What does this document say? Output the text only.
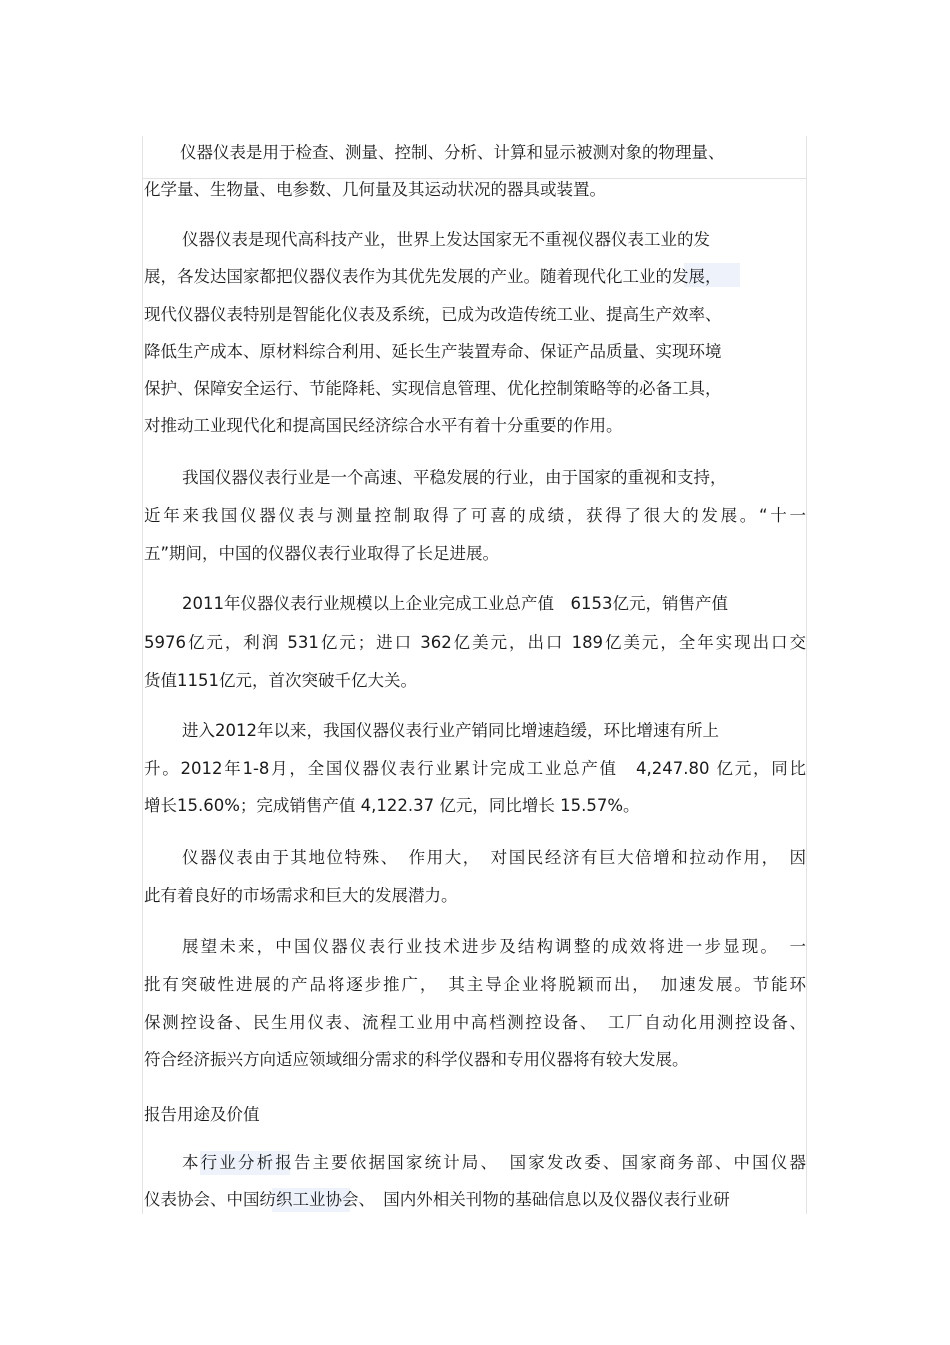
仪器仪表是用于检查、测量、控制、分析、计算和显示被测对象的物理量、
化学量、生物量、电参数、几何量及其运动状况的器具或装置。
仪器仪表是现代高科技产业，世界上发达国家无不重视仪器仪表工业的发
展，各发达国家都把仪器仪表作为其优先发展的产业。随着现代化工业的发展，
现代仪器仪表特别是智能化仪表及系统，已成为改造传统工业、提高生产效率、
降低生产成本、原材料综合利用、延长生产装置寿命、保证产品质量、实现环境
保护、保障安全运行、节能降耗、实现信息管理、优化控制策略等的必备工具，
对推动工业现代化和提高国民经济综合水平有着十分重要的作用。
我国仪器仪表行业是一个高速、平稳发展的行业，由于国家的重视和支持，
近年来我国仪器仪表与测量控制取得了可喜的成绩，获得了很大的发展。“十一
五”期间，中国的仪器仪表行业取得了长足进展。
2011年仪器仪表行业规模以上企业完成工业总产值　6153亿元，销售产值
5976亿元，利润 531亿元；进口 362亿美元，出口 189亿美元，全年实现出口交
货值1151亿元，首次突破千亿大关。
进入2012年以来，我国仪器仪表行业产销同比增速趋缓，环比增速有所上
升。2012年1-8月，全国仪器仪表行业累计完成工业总产值　4,247.80 亿元，同比
增长15.60%；完成销售产值 4,122.37 亿元，同比增长 15.57%。
仪器仪表由于其地位特殊、　作用大，　对国民经济有巨大倍增和拉动作用，　因
此有着良好的市场需求和巨大的发展潜力。
展望未来，中国仪器仪表行业技术进步及结构调整的成效将进一步显现。　一
批有突破性进展的产品将逐步推广，　其主导企业将脱颖而出，　加速发展。节能环
保测控设备、民生用仪表、流程工业用中高档测控设备、　工厂自动化用测控设备、
符合经济振兴方向适应领域细分需求的科学仪器和专用仪器将有较大发展。
报告用途及价值
本行业分析报告主要依据国家统计局、　国家发改委、国家商务部、中国仪器
仪表协会、中国纺织工业协会、　国内外相关刊物的基础信息以及仪器仪表行业研
